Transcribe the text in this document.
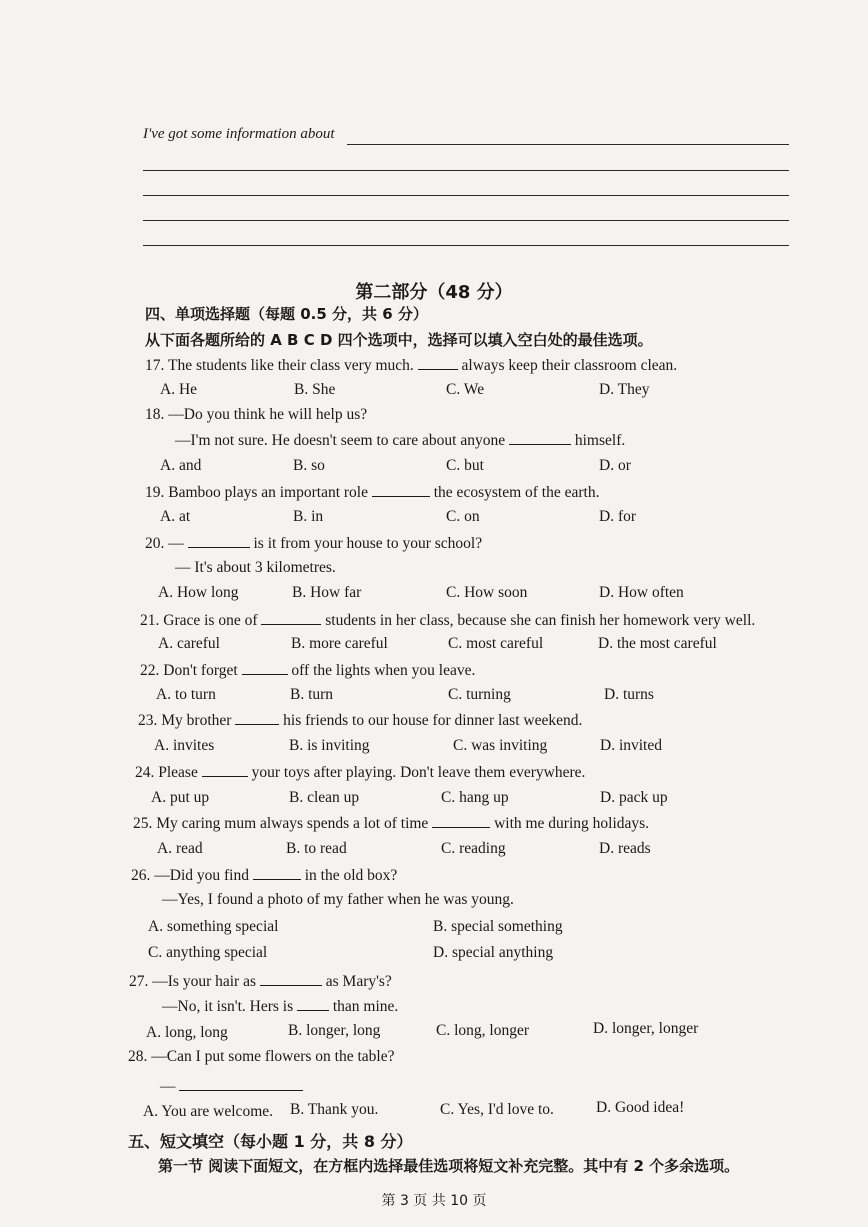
I've got some information about
第二部分（48 分）
四、单项选择题（每题 0.5 分，共 6 分）
从下面各题所给的 A B C D 四个选项中，选择可以填入空白处的最佳选项。
17. The students like their class very much.	always keep their classroom clean.
A. He	B. She	C. We	D. They
18. —Do you think he will help us?
—I'm not sure. He doesn't seem to care about anyone	himself.
A. and	B. so	C. but	D. or
19. Bamboo plays an important role	the ecosystem of the earth.
A. at	B. in	C. on	D. for
20. —	is it from your house to your school?
— It's about 3 kilometres.
A. How long	B. How far	C. How soon	D. How often
21. Grace is one of	students in her class, because she can finish her homework very well.
A. careful	B. more careful	C. most careful	D. the most careful
22. Don't forget	off the lights when you leave.
A. to turn	B. turn	C. turning	D. turns
23. My brother	his friends to our house for dinner last weekend.
A. invites	B. is inviting	C. was inviting	D. invited
24. Please	your toys after playing. Don't leave them everywhere.
A. put up	B. clean up	C. hang up	D. pack up
25. My caring mum always spends a lot of time	with me during holidays.
A. read	B. to read	C. reading	D. reads
26. —Did you find	in the old box?
—Yes, I found a photo of my father when he was young.
A. something special	B. special something
C. anything special	D. special anything
27. —Is your hair as	as Mary's?
—No, it isn't. Hers is	than mine.
A. long, long	B. longer, long	C. long, longer	D. longer, longer
28. —Can I put some flowers on the table?
—
A. You are welcome. B. Thank you.	C. Yes, I'd love to.	D. Good idea!
五、短文填空（每小题 1 分，共 8 分）
第一节 阅读下面短文，在方框内选择最佳选项将短文补充完整。其中有 2 个多余选项。
第 3 页 共 10 页
